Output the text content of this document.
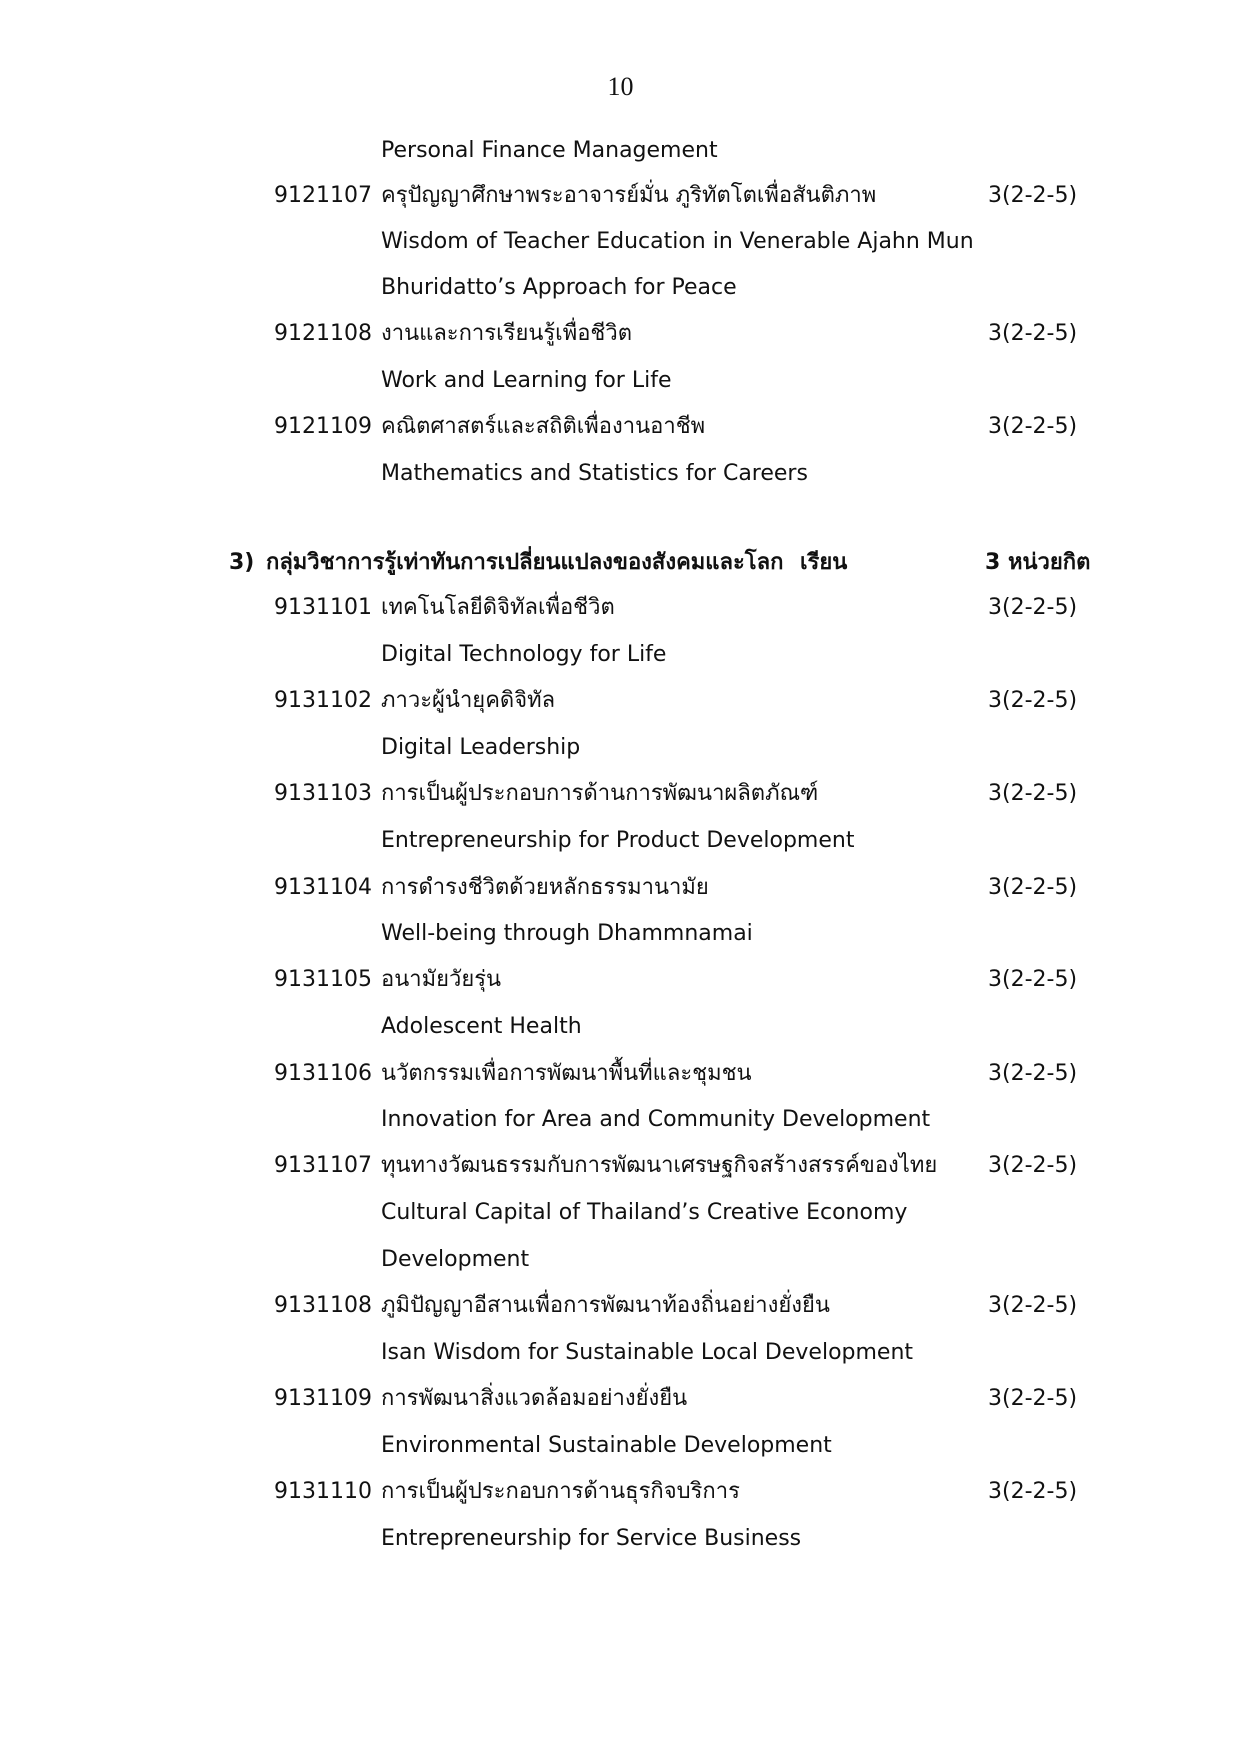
10
Personal Finance Management
9121107 ครุปัญญาศึกษาพระอาจารย์มั่น ภูริทัตโตเพื่อสันติภาพ	3(2-2-5)
Wisdom of Teacher Education in Venerable Ajahn Mun
Bhuridatto’s Approach for Peace
9121108 งานและการเรียนรู้เพื่อชีวิต	3(2-2-5)
Work and Learning for Life
9121109 คณิตศาสตร์และสถิติเพื่องานอาชีพ	3(2-2-5)
Mathematics and Statistics for Careers
3) กลุ่มวิชาการรู้เท่าทันการเปลี่ยนแปลงของสังคมและโลก เรียน	3 หน่วยกิต
9131101 เทคโนโลยีดิจิทัลเพื่อชีวิต	3(2-2-5)
Digital Technology for Life
9131102 ภาวะผู้นำยุคดิจิทัล	3(2-2-5)
Digital Leadership
9131103 การเป็นผู้ประกอบการด้านการพัฒนาผลิตภัณฑ์	3(2-2-5)
Entrepreneurship for Product Development
9131104 การดำรงชีวิตด้วยหลักธรรมานามัย	3(2-2-5)
Well-being through Dhammnamai
9131105 อนามัยวัยรุ่น	3(2-2-5)
Adolescent Health
9131106 นวัตกรรมเพื่อการพัฒนาพื้นที่และชุมชน	3(2-2-5)
Innovation for Area and Community Development
9131107 ทุนทางวัฒนธรรมกับการพัฒนาเศรษฐกิจสร้างสรรค์ของไทย 3(2-2-5)
Cultural Capital of Thailand’s Creative Economy
Development
9131108 ภูมิปัญญาอีสานเพื่อการพัฒนาท้องถิ่นอย่างยั่งยืน	3(2-2-5)
Isan Wisdom for Sustainable Local Development
9131109 การพัฒนาสิ่งแวดล้อมอย่างยั่งยืน	3(2-2-5)
Environmental Sustainable Development
9131110 การเป็นผู้ประกอบการด้านธุรกิจบริการ	3(2-2-5)
Entrepreneurship for Service Business
